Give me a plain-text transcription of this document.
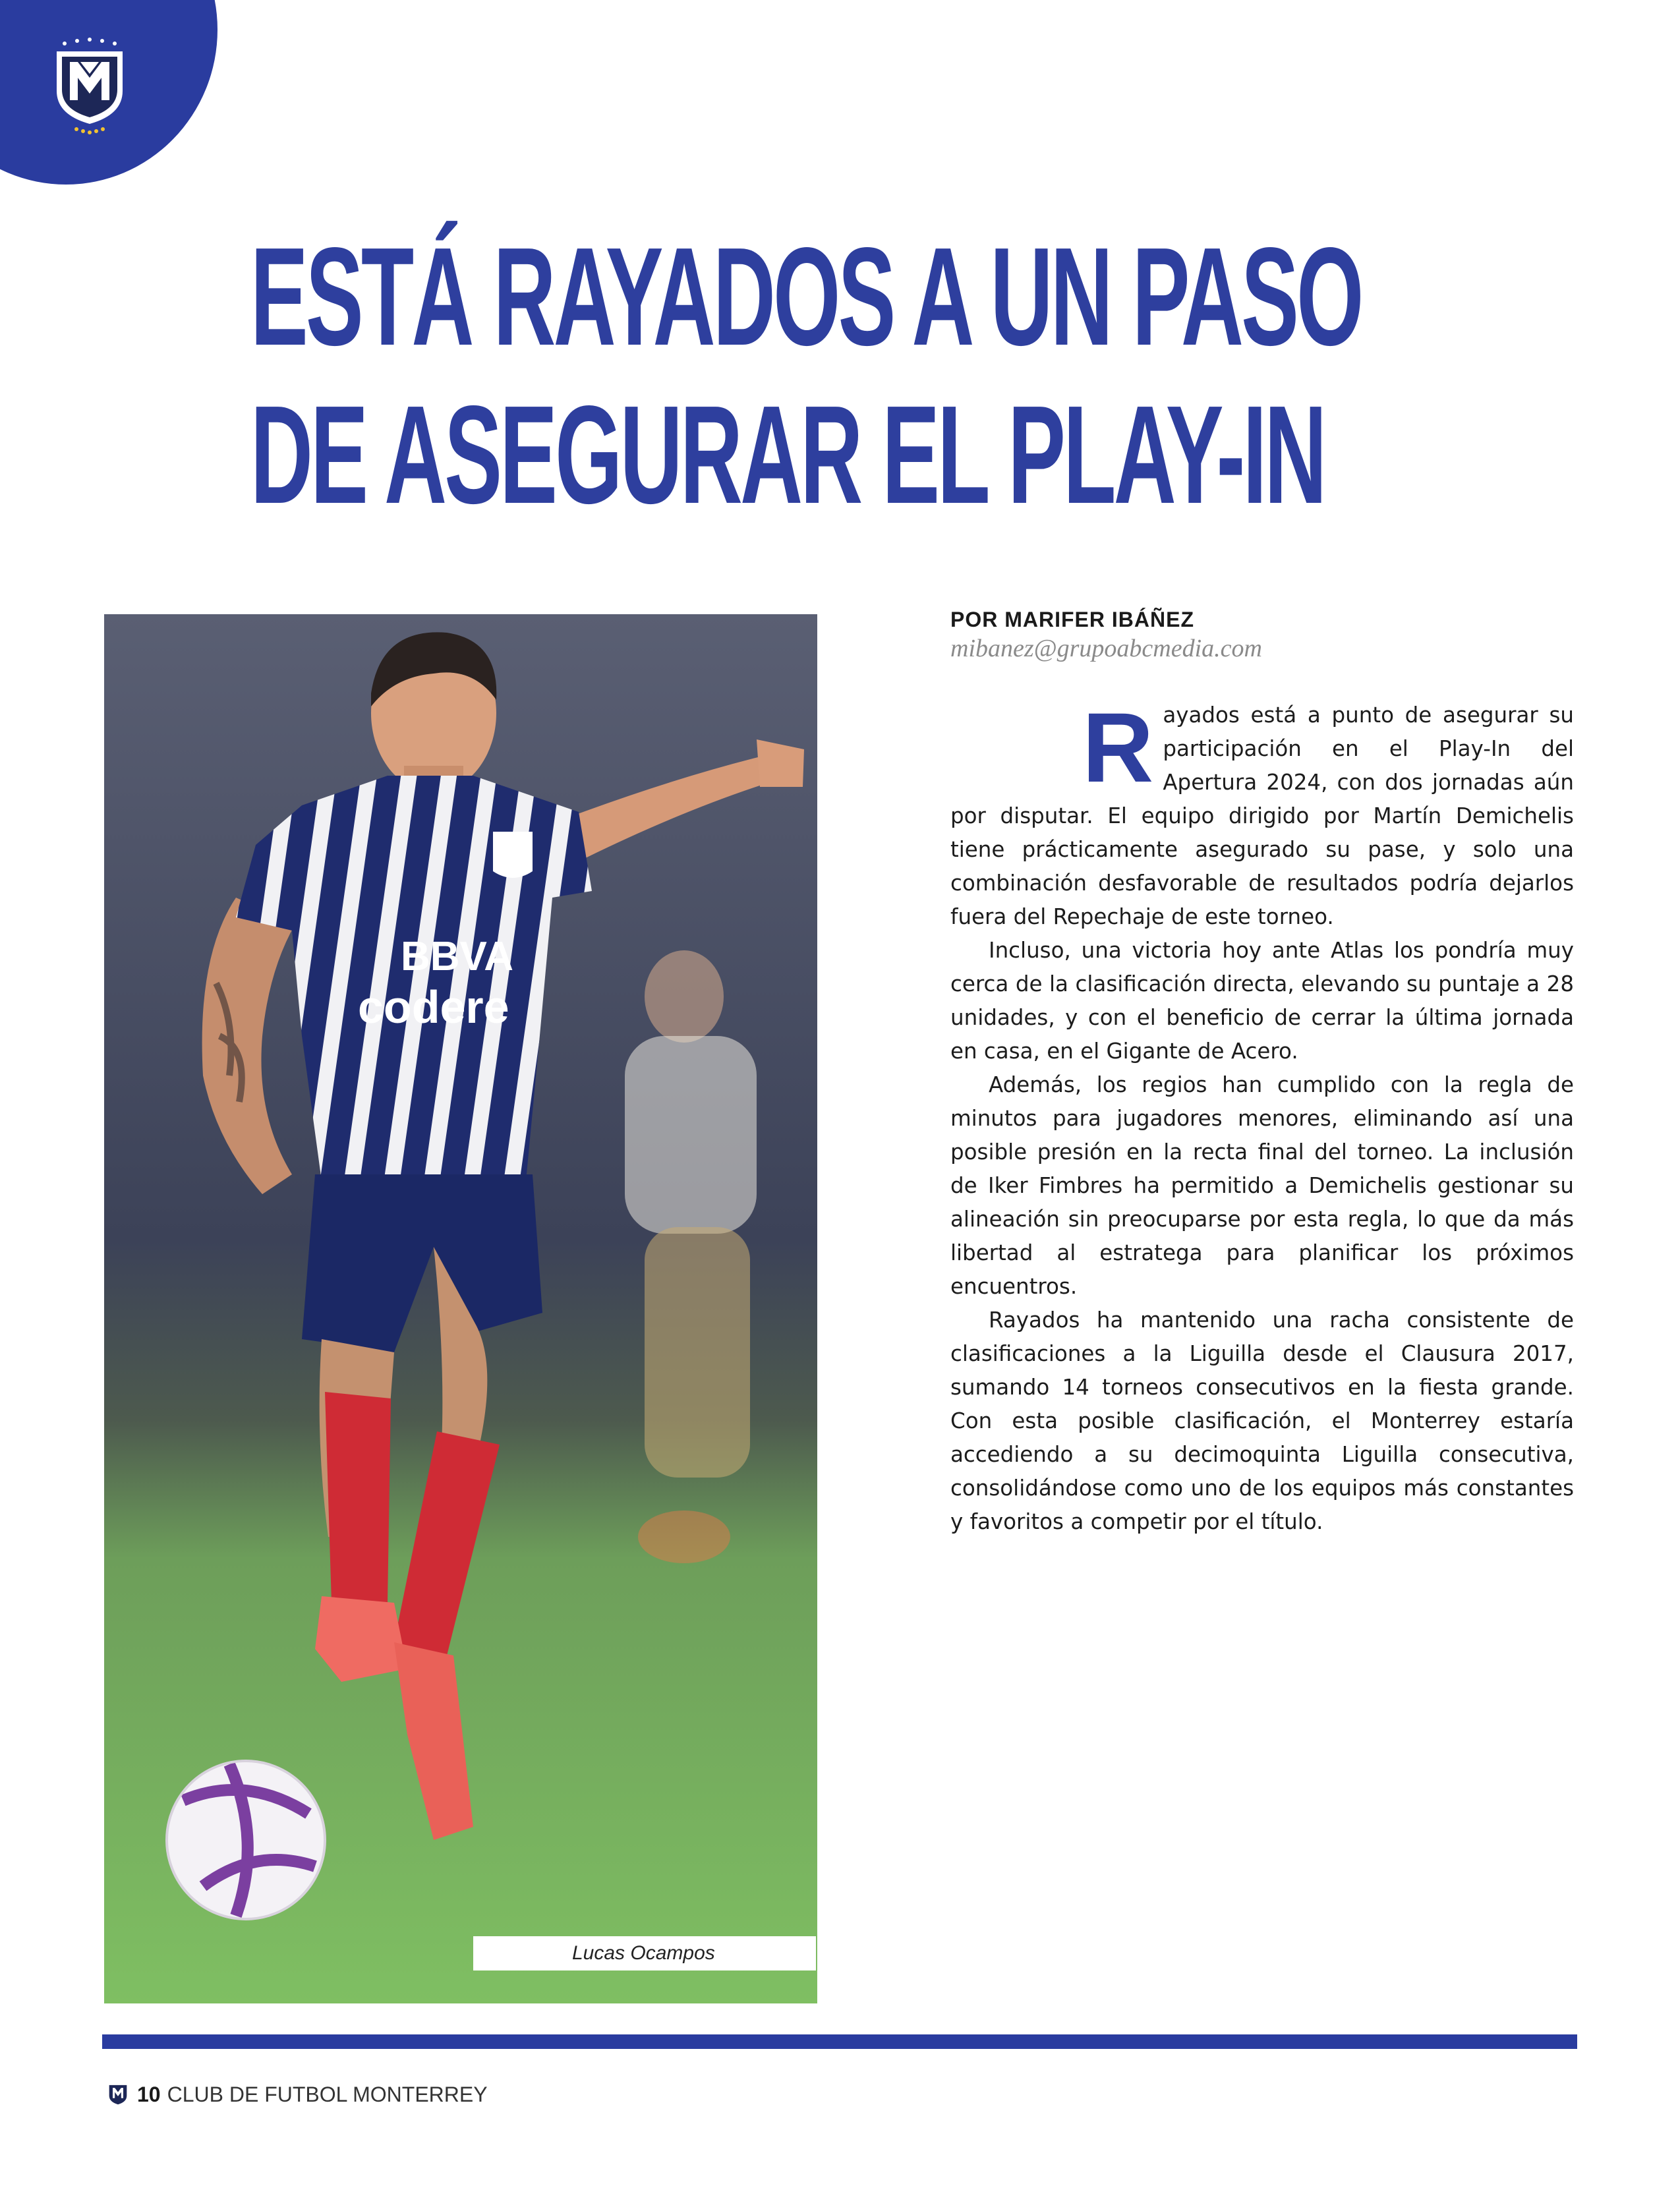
ESTÁ RAYADOS A UN PASO
DE ASEGURAR EL PLAY-IN
BBVA
codere
Lucas Ocampos
POR MARIFER IBÁÑEZ
mibanez@grupoabcmedia.com

R ayados está a punto de asegurar su participación en el Play-In del Apertura 2024, con dos jornadas aún por disputar. El equipo dirigido por Martín Demichelis tiene prácticamente asegurado su pase, y solo una combinación desfavorable de resultados podría dejarlos fuera del Repechaje de este torneo.

Incluso, una victoria hoy ante Atlas los pondría muy cerca de la clasificación directa, elevando su puntaje a 28 unidades, y con el beneficio de cerrar la última jornada en casa, en el Gigante de Acero.

Además, los regios han cumplido con la regla de minutos para jugadores menores, eliminando así una posible presión en la recta final del torneo. La inclusión de Iker Fimbres ha permitido a Demichelis gestionar su alineación sin preocuparse por esta regla, lo que da más libertad al estratega para planificar los próximos encuentros.

Rayados ha mantenido una racha consistente de clasificaciones a la Liguilla desde el Clausura 2017, sumando 14 torneos consecutivos en la fiesta grande. Con esta posible clasificación, el Monterrey estaría accediendo a su decimoquinta Liguilla consecutiva, consolidándose como uno de los equipos más constantes y favoritos a competir por el título.

10 CLUB DE FUTBOL MONTERREY
